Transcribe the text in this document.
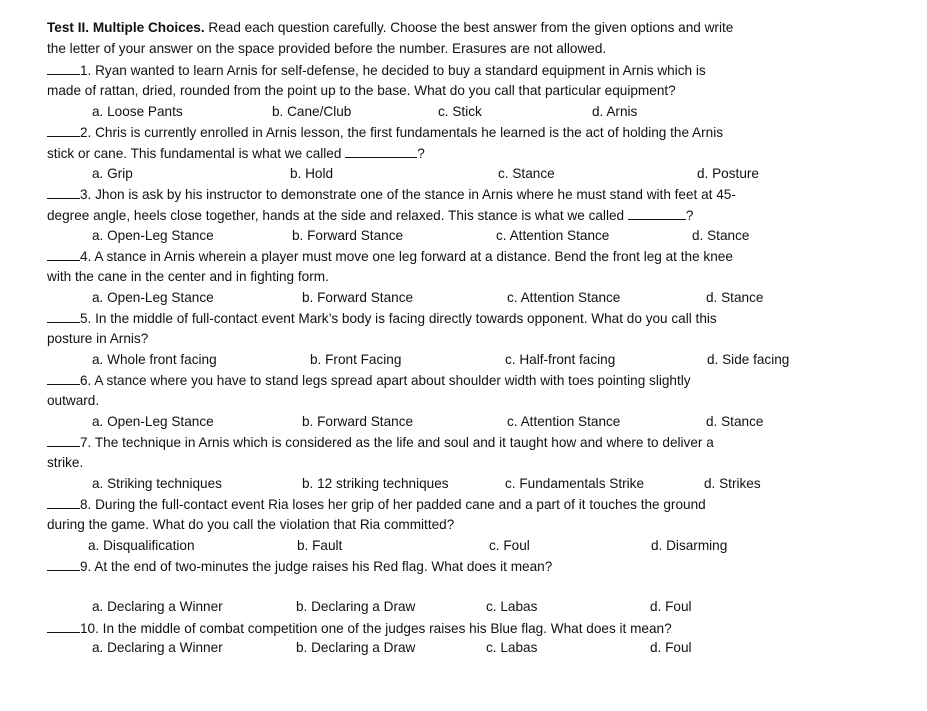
Test II. Multiple Choices. Read each question carefully. Choose the best answer from the given options and write
the letter of your answer on the space provided before the number. Erasures are not allowed.
1. Ryan wanted to learn Arnis for self-defense, he decided to buy a standard equipment in Arnis which is
made of rattan, dried, rounded from the point up to the base. What do you call that particular equipment?
a. Loose Pants	b. Cane/Club	c. Stick	d. Arnis
2. Chris is currently enrolled in Arnis lesson, the first fundamentals he learned is the act of holding the Arnis
stick or cane. This fundamental is what we called	?
a. Grip	b. Hold	c. Stance	d. Posture
3. Jhon is ask by his instructor to demonstrate one of the stance in Arnis where he must stand with feet at 45-
degree angle, heels close together, hands at the side and relaxed. This stance is what we called	?
a. Open-Leg Stance	b. Forward Stance	c. Attention Stance	d. Stance
4. A stance in Arnis wherein a player must move one leg forward at a distance. Bend the front leg at the knee
with the cane in the center and in fighting form.
a. Open-Leg Stance	b. Forward Stance	c. Attention Stance	d. Stance
5. In the middle of full-contact event Mark’s body is facing directly towards opponent. What do you call this
posture in Arnis?
a. Whole front facing	b. Front Facing	c. Half-front facing	d. Side facing
6. A stance where you have to stand legs spread apart about shoulder width with toes pointing slightly
outward.
a. Open-Leg Stance	b. Forward Stance	c. Attention Stance	d. Stance
7. The technique in Arnis which is considered as the life and soul and it taught how and where to deliver a
strike.
a. Striking techniques	b. 12 striking techniques	c. Fundamentals Strike	d. Strikes
8. During the full-contact event Ria loses her grip of her padded cane and a part of it touches the ground
during the game. What do you call the violation that Ria committed?
a. Disqualification	b. Fault	c. Foul	d. Disarming
9. At the end of two-minutes the judge raises his Red flag. What does it mean?
a. Declaring a Winner	b. Declaring a Draw	c. Labas	d. Foul
10. In the middle of combat competition one of the judges raises his Blue flag. What does it mean?
a. Declaring a Winner	b. Declaring a Draw	c. Labas	d. Foul
